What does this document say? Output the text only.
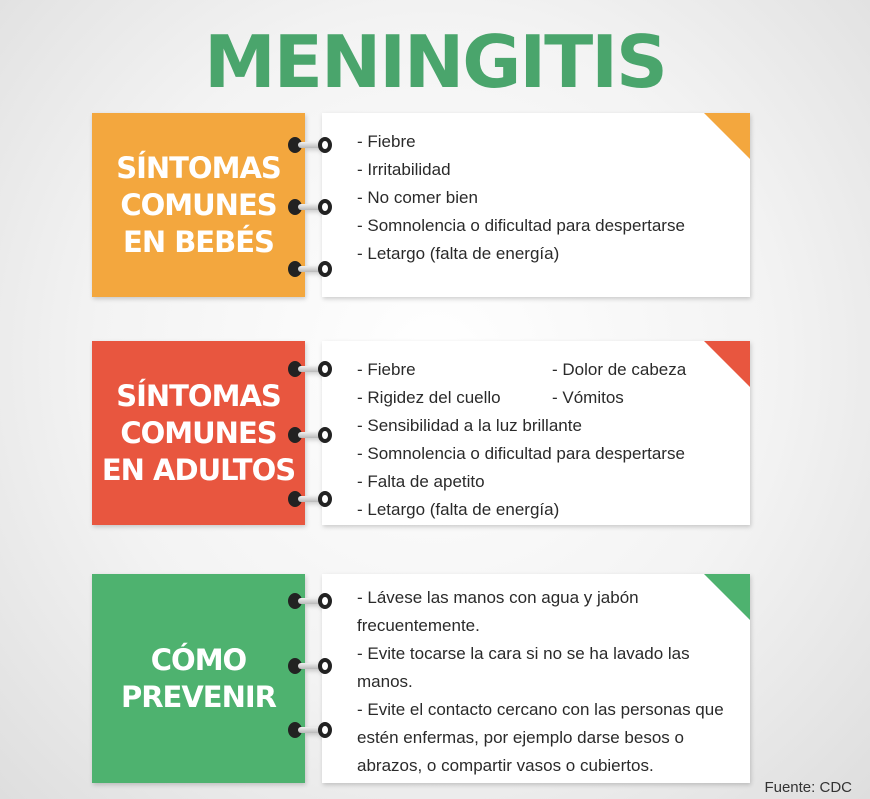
MENINGITIS
SÍNTOMAS
COMUNES
EN BEBÉS
- Fiebre
- Irritabilidad
- No comer bien
- Somnolencia o dificultad para despertarse
- Letargo (falta de energía)
SÍNTOMAS
COMUNES
EN ADULTOS
- Fiebre	- Dolor de cabeza
- Rigidez del cuello	- Vómitos
- Sensibilidad a la luz brillante
- Somnolencia o dificultad para despertarse
- Falta de apetito
- Letargo (falta de energía)
CÓMO
PREVENIR
- Lávese las manos con agua y jabón frecuentemente.
- Evite tocarse la cara si no se ha lavado las manos.
- Evite el contacto cercano con las personas que estén enfermas, por ejemplo darse besos o abrazos, o compartir vasos o cubiertos.

Fuente: CDC
